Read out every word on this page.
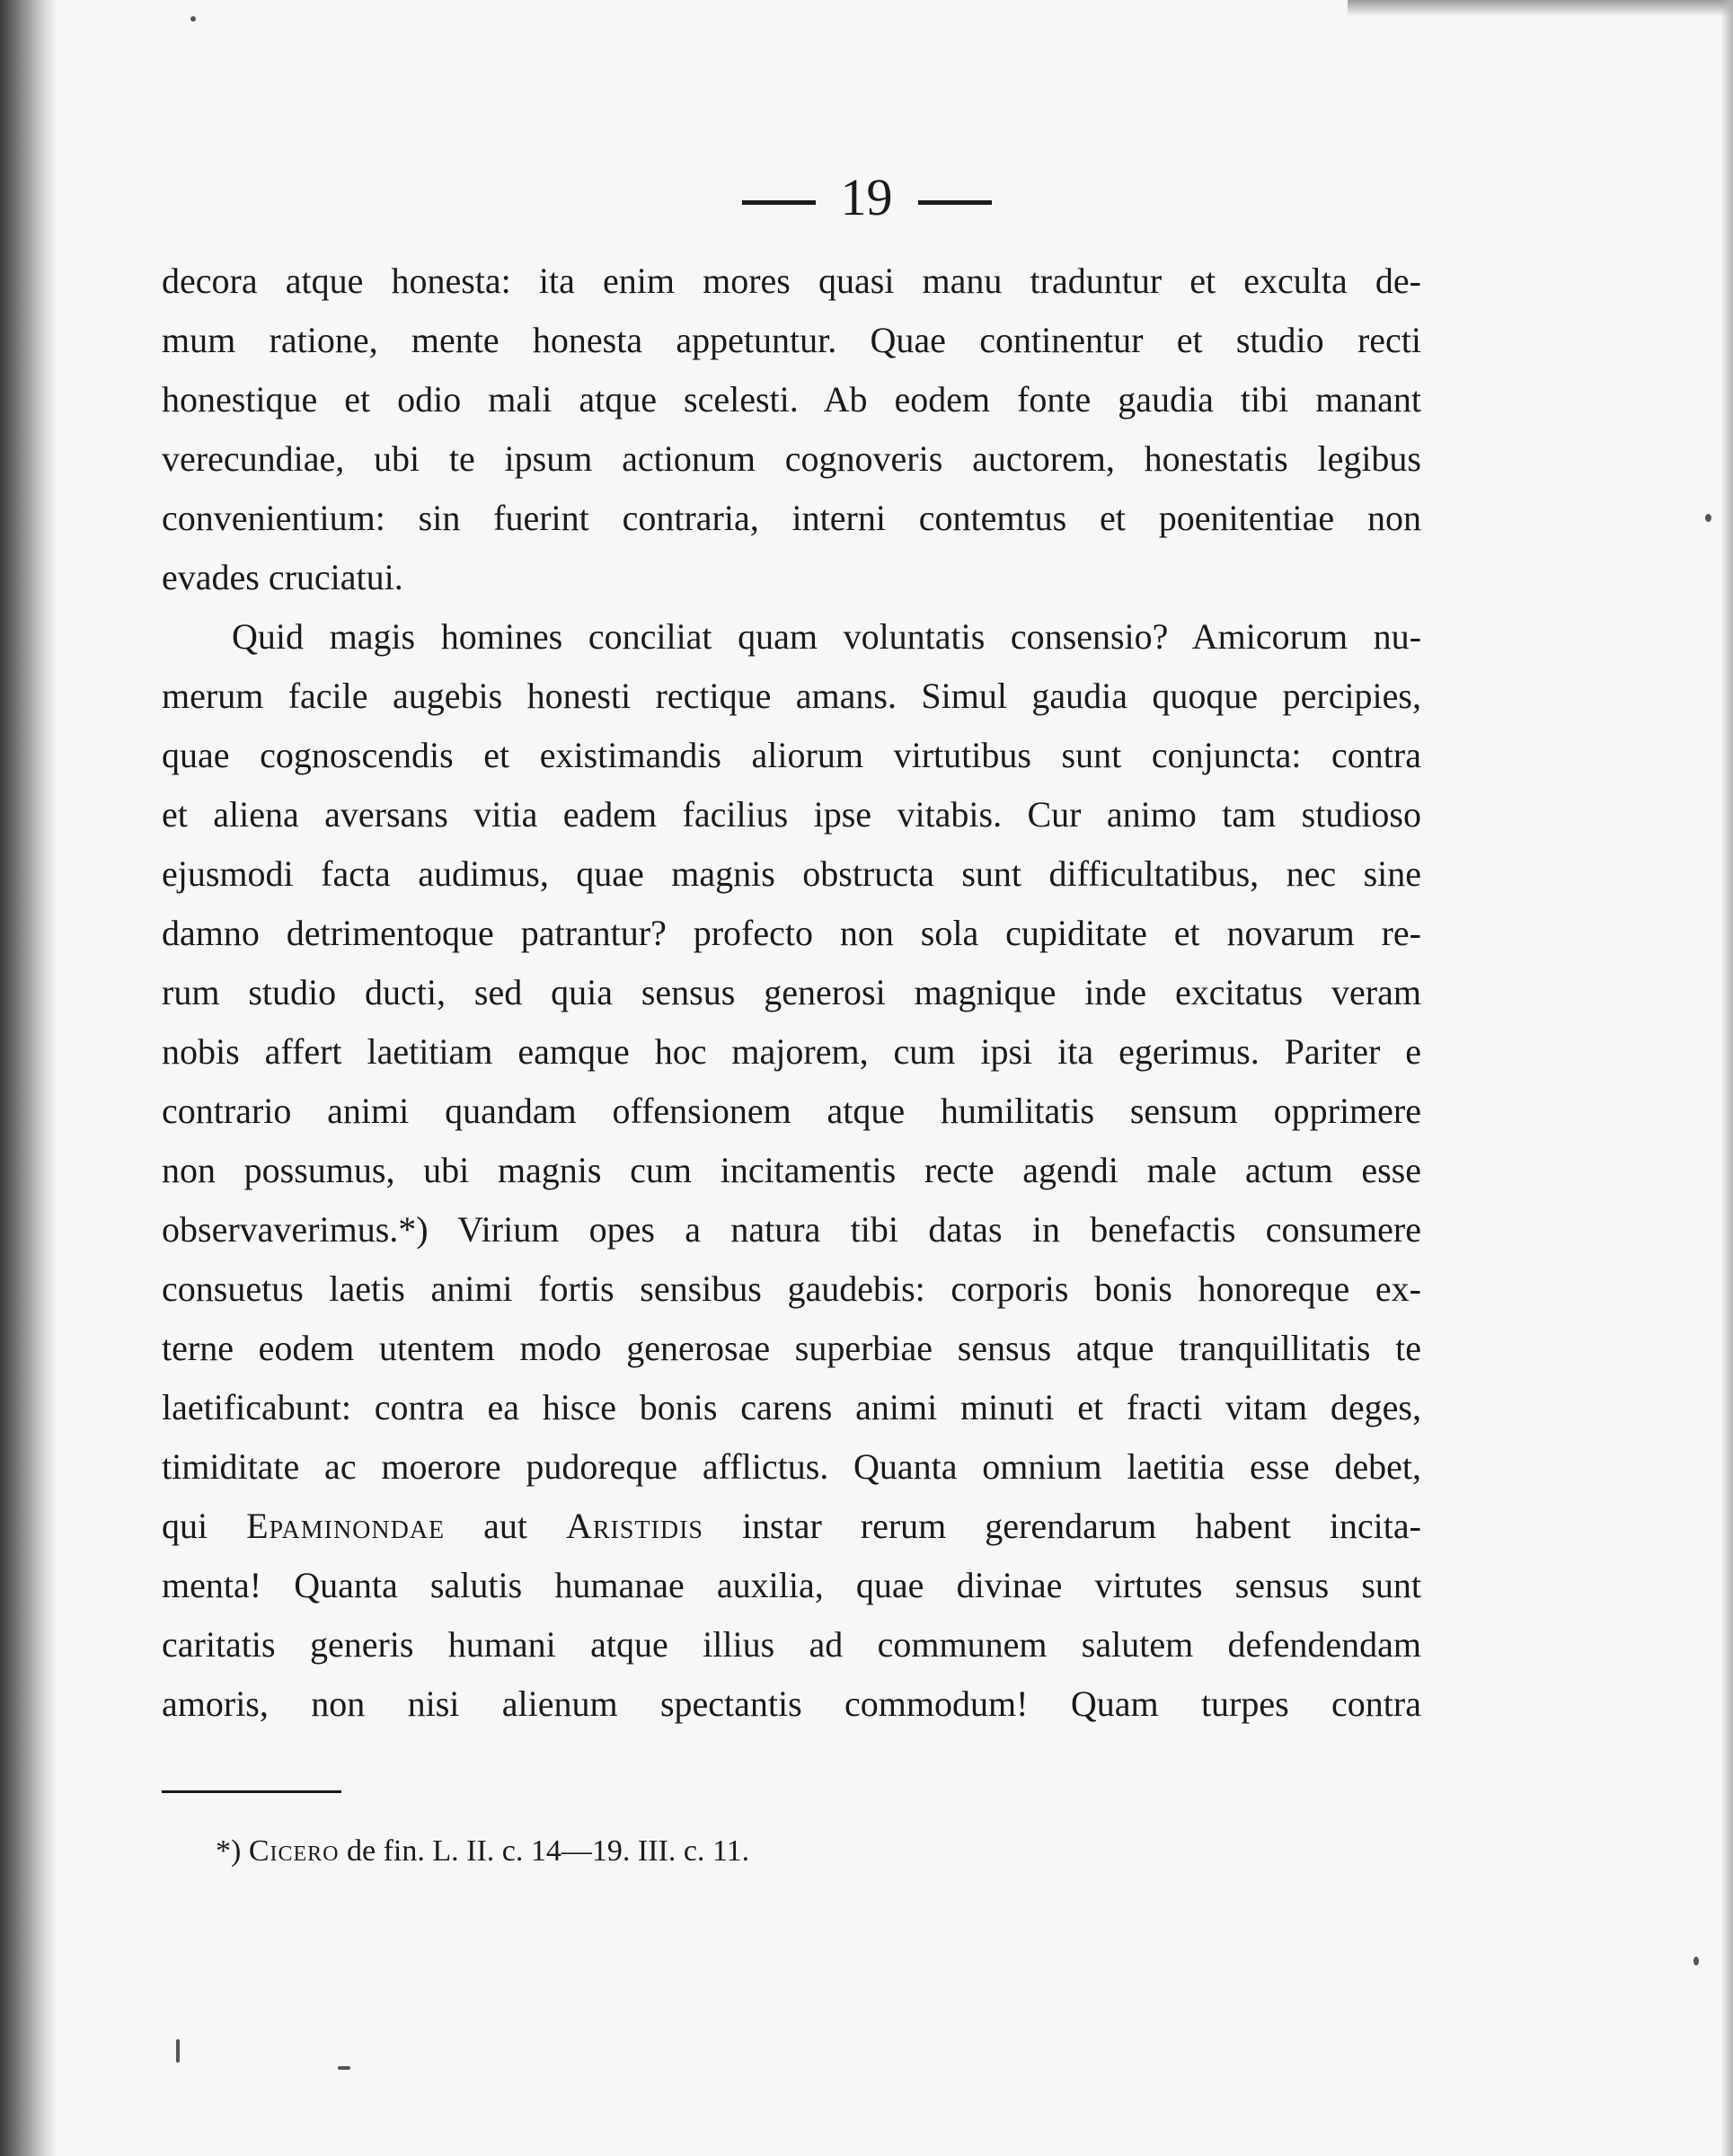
19
decora atque honesta: ita enim mores quasi manu traduntur et exculta de-
mum ratione, mente honesta appetuntur. Quae continentur et studio recti
honestique et odio mali atque scelesti. Ab eodem fonte gaudia tibi manant
verecundiae, ubi te ipsum actionum cognoveris auctorem, honestatis legibus
convenientium: sin fuerint contraria, interni contemtus et poenitentiae non
evades cruciatui.
Quid magis homines conciliat quam voluntatis consensio? Amicorum nu-
merum facile augebis honesti rectique amans. Simul gaudia quoque percipies,
quae cognoscendis et existimandis aliorum virtutibus sunt conjuncta: contra
et aliena aversans vitia eadem facilius ipse vitabis. Cur animo tam studioso
ejusmodi facta audimus, quae magnis obstructa sunt difficultatibus, nec sine
damno detrimentoque patrantur? profecto non sola cupiditate et novarum re-
rum studio ducti, sed quia sensus generosi magnique inde excitatus veram
nobis affert laetitiam eamque hoc majorem, cum ipsi ita egerimus. Pariter e
contrario animi quandam offensionem atque humilitatis sensum opprimere
non possumus, ubi magnis cum incitamentis recte agendi male actum esse
observaverimus.*) Virium opes a natura tibi datas in benefactis consumere
consuetus laetis animi fortis sensibus gaudebis: corporis bonis honoreque ex-
terne eodem utentem modo generosae superbiae sensus atque tranquillitatis te
laetificabunt: contra ea hisce bonis carens animi minuti et fracti vitam deges,
timiditate ac moerore pudoreque afflictus. Quanta omnium laetitia esse debet,
qui Epaminondae aut Aristidis instar rerum gerendarum habent incita-
menta! Quanta salutis humanae auxilia, quae divinae virtutes sensus sunt
caritatis generis humani atque illius ad communem salutem defendendam
amoris, non nisi alienum spectantis commodum! Quam turpes contra
*) Cicero de fin. L. II. c. 14—19. III. c. 11.
